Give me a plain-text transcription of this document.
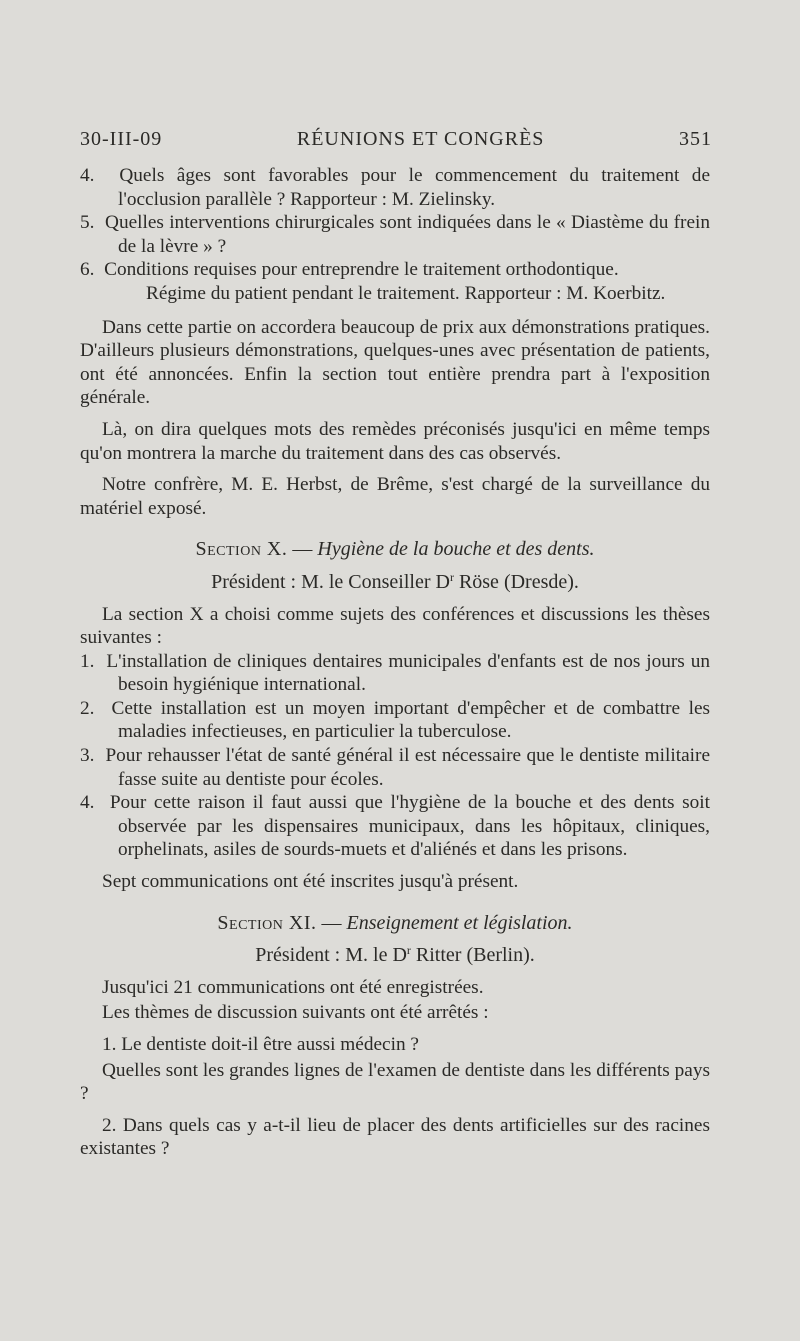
30-III-09	RÉUNIONS ET CONGRÈS	351
4.  Quels âges sont favorables pour le commencement du traitement de l'occlusion parallèle ? Rapporteur : M. Zielinsky.
5.  Quelles interventions chirurgicales sont indiquées dans le « Diastème du frein de la lèvre » ?
6.  Conditions requises pour entreprendre le traitement orthodontique.
Régime du patient pendant le traitement. Rapporteur : M. Koerbitz.

Dans cette partie on accordera beaucoup de prix aux démonstrations pratiques. D'ailleurs plusieurs démonstrations, quelques-unes avec présentation de patients, ont été annoncées. Enfin la section tout entière prendra part à l'exposition générale.

Là, on dira quelques mots des remèdes préconisés jusqu'ici en même temps qu'on montrera la marche du traitement dans des cas observés.

Notre confrère, M. E. Herbst, de Brême, s'est chargé de la surveillance du matériel exposé.

Section X. — Hygiène de la bouche et des dents.
Président : M. le Conseiller $D^r$ Röse (Dresde).

La section X a choisi comme sujets des conférences et discussions les thèses suivantes :

1.  L'installation de cliniques dentaires municipales d'enfants est de nos jours un besoin hygiénique international.
2.  Cette installation est un moyen important d'empêcher et de combattre les maladies infectieuses, en particulier la tuberculose.
3.  Pour rehausser l'état de santé général il est nécessaire que le dentiste militaire fasse suite au dentiste pour écoles.
4.  Pour cette raison il faut aussi que l'hygiène de la bouche et des dents soit observée par les dispensaires municipaux, dans les hôpitaux, cliniques, orphelinats, asiles de sourds-muets et d'aliénés et dans les prisons.

Sept communications ont été inscrites jusqu'à présent.

Section XI. — Enseignement et législation.
Président : M. le $D^r$ Ritter (Berlin).

Jusqu'ici 21 communications ont été enregistrées.

Les thèmes de discussion suivants ont été arrêtés :

1. Le dentiste doit-il être aussi médecin ?

Quelles sont les grandes lignes de l'examen de dentiste dans les différents pays ?

2. Dans quels cas y a-t-il lieu de placer des dents artificielles sur des racines existantes ?
